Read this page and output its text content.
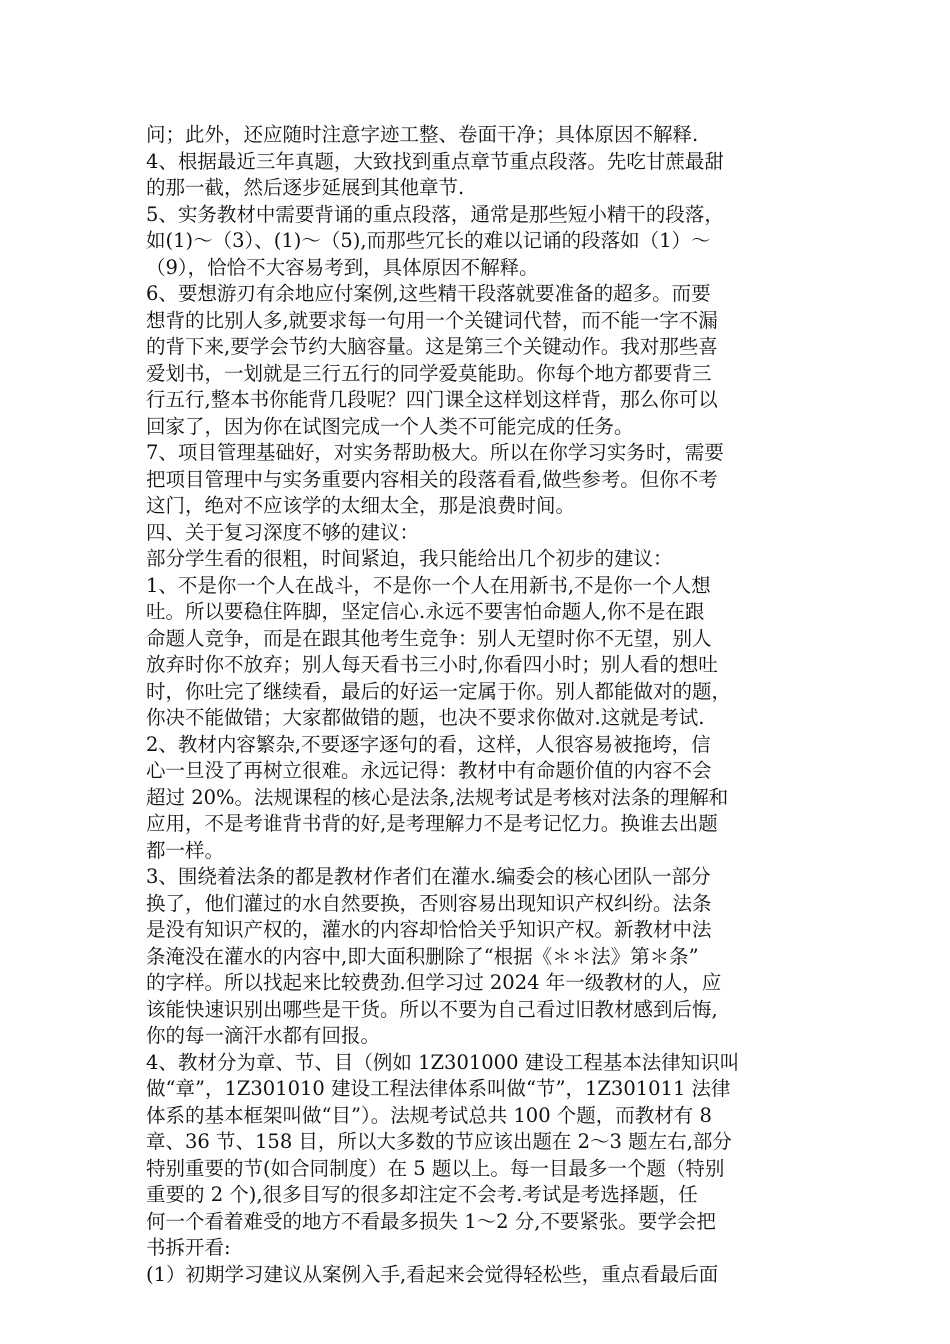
问；此外，还应随时注意字迹工整、卷面干净；具体原因不解释.
4、根据最近三年真题，大致找到重点章节重点段落。先吃甘蔗最甜
的那一截，然后逐步延展到其他章节.
5、实务教材中需要背诵的重点段落，通常是那些短小精干的段落，
如(1)～（3）、(1)～（5),而那些冗长的难以记诵的段落如（1）～
（9），恰恰不大容易考到，具体原因不解释。
6、要想游刃有余地应付案例,这些精干段落就要准备的超多。而要
想背的比别人多,就要求每一句用一个关键词代替，而不能一字不漏
的背下来,要学会节约大脑容量。这是第三个关键动作。我对那些喜
爱划书，一划就是三行五行的同学爱莫能助。你每个地方都要背三
行五行,整本书你能背几段呢？四门课全这样划这样背，那么你可以
回家了，因为你在试图完成一个人类不可能完成的任务。
7、项目管理基础好，对实务帮助极大。所以在你学习实务时，需要
把项目管理中与实务重要内容相关的段落看看,做些参考。但你不考
这门，绝对不应该学的太细太全，那是浪费时间。
四、关于复习深度不够的建议：
部分学生看的很粗，时间紧迫，我只能给出几个初步的建议：
1、不是你一个人在战斗，不是你一个人在用新书,不是你一个人想
吐。所以要稳住阵脚，坚定信心.永远不要害怕命题人,你不是在跟
命题人竞争，而是在跟其他考生竞争：别人无望时你不无望，别人
放弃时你不放弃；别人每天看书三小时,你看四小时；别人看的想吐
时，你吐完了继续看，最后的好运一定属于你。别人都能做对的题，
你决不能做错；大家都做错的题，也决不要求你做对.这就是考试.
2、教材内容繁杂,不要逐字逐句的看，这样，人很容易被拖垮，信
心一旦没了再树立很难。永远记得：教材中有命题价值的内容不会
超过 20%。法规课程的核心是法条,法规考试是考核对法条的理解和
应用，不是考谁背书背的好,是考理解力不是考记忆力。换谁去出题
都一样。
3、围绕着法条的都是教材作者们在灌水.编委会的核心团队一部分
换了，他们灌过的水自然要换，否则容易出现知识产权纠纷。法条
是没有知识产权的，灌水的内容却恰恰关乎知识产权。新教材中法
条淹没在灌水的内容中,即大面积删除了“根据《＊＊法》第＊条”
的字样。所以找起来比较费劲.但学习过 2024 年一级教材的人，应
该能快速识别出哪些是干货。所以不要为自己看过旧教材感到后悔,
你的每一滴汗水都有回报。
4、教材分为章、节、目（例如 1Z301000 建设工程基本法律知识叫
做“章”，1Z301010 建设工程法律体系叫做“节”，1Z301011 法律
体系的基本框架叫做“目”）。法规考试总共 100 个题，而教材有 8
章、36 节、158 目，所以大多数的节应该出题在 2～3 题左右,部分
特别重要的节(如合同制度）在 5 题以上。每一目最多一个题（特别
重要的 2 个),很多目写的很多却注定不会考.考试是考选择题，任
何一个看着难受的地方不看最多损失 1～2 分,不要紧张。要学会把
书拆开看:
(1）初期学习建议从案例入手,看起来会觉得轻松些，重点看最后面
